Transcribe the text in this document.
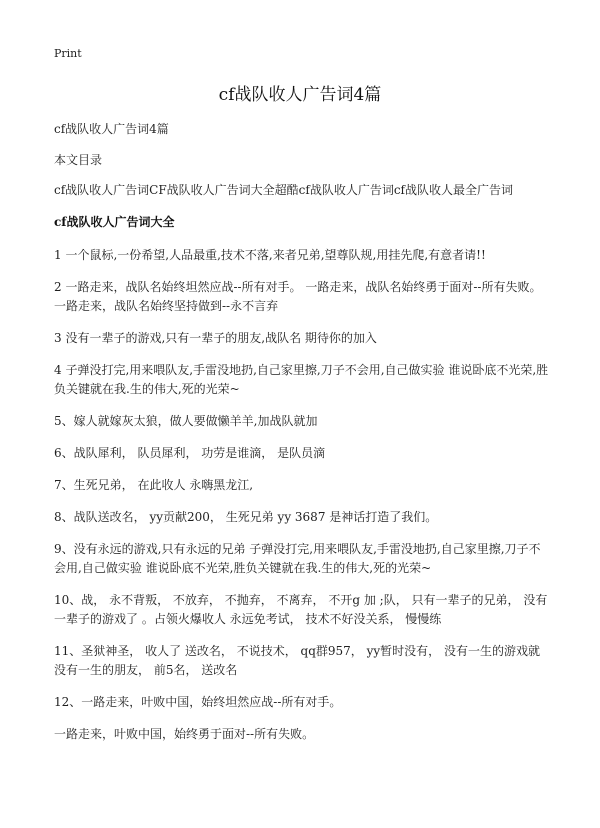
Print
cf战队收人广告词4篇

cf战队收人广告词4篇

本文目录

cf战队收人广告词CF战队收人广告词大全超酷cf战队收人广告词cf战队收人最全广告词

cf战队收人广告词大全

1 一个鼠标,一份希望,人品最重,技术不落,来者兄弟,望尊队规,用挂先爬,有意者请!!

2 一路走来，战队名始终坦然应战--所有对手。 一路走来，战队名始终勇于面对--所有失败。 一路走来，战队名始终坚持做到--永不言弃

3 没有一辈子的游戏,只有一辈子的朋友,战队名 期待你的加入

4 子弹没打完,用来喂队友,手雷没地扔,自己家里擦,刀子不会用,自己做实验 谁说卧底不光荣,胜负关键就在我.生的伟大,死的光荣~

5、嫁人就嫁灰太狼，做人要做懒羊羊,加战队就加

6、战队犀利， 队员犀利， 功劳是谁滴， 是队员滴

7、生死兄弟， 在此收人 永嗨黑龙江,

8、战队送改名， yy贡献200， 生死兄弟 yy 3687 是神话打造了我们。

9、没有永远的游戏,只有永远的兄弟 子弹没打完,用来喂队友,手雷没地扔,自己家里擦,刀子不会用,自己做实验 谁说卧底不光荣,胜负关键就在我.生的伟大,死的光荣~

10、战， 永不背叛， 不放弃， 不抛弃， 不离弃， 不开g 加 ;队， 只有一辈子的兄弟， 没有一辈子的游戏了 。占领火爆收人 永远免考试， 技术不好没关系， 慢慢练

11、圣狱神圣， 收人了 送改名， 不说技术， qq群957， yy暂时没有， 没有一生的游戏就没有一生的朋友， 前5名， 送改名

12、一路走来，叶败中国，始终坦然应战--所有对手。

一路走来，叶败中国，始终勇于面对--所有失败。
